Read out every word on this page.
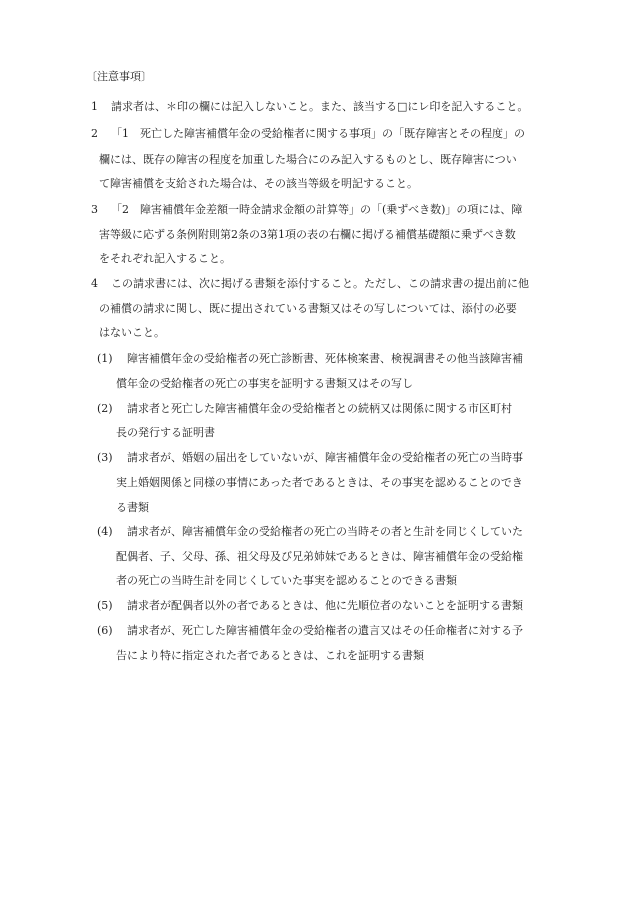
〔注意事項〕

1 請求者は、＊印の欄には記入しないこと。また、該当する□にレ印を記入すること。

2 「1　死亡した障害補償年金の受給権者に関する事項」の「既存障害とその程度」の

欄には、既存の障害の程度を加重した場合にのみ記入するものとし、既存障害につい

て障害補償を支給された場合は、その該当等級を明記すること。

3 「2　障害補償年金差額一時金請求金額の計算等」の「(乗ずべき数)」の項には、障

害等級に応ずる条例附則第2条の3第1項の表の右欄に掲げる補償基礎額に乗ずべき数

をそれぞれ記入すること。

4 この請求書には、次に掲げる書類を添付すること。ただし、この請求書の提出前に他

の補償の請求に関し、既に提出されている書類又はその写しについては、添付の必要

はないこと。

(1) 障害補償年金の受給権者の死亡診断書、死体検案書、検視調書その他当該障害補

償年金の受給権者の死亡の事実を証明する書類又はその写し

(2) 請求者と死亡した障害補償年金の受給権者との続柄又は関係に関する市区町村

長の発行する証明書

(3) 請求者が、婚姻の届出をしていないが、障害補償年金の受給権者の死亡の当時事

実上婚姻関係と同様の事情にあった者であるときは、その事実を認めることのでき

る書類

(4) 請求者が、障害補償年金の受給権者の死亡の当時その者と生計を同じくしていた

配偶者、子、父母、孫、祖父母及び兄弟姉妹であるときは、障害補償年金の受給権

者の死亡の当時生計を同じくしていた事実を認めることのできる書類

(5) 請求者が配偶者以外の者であるときは、他に先順位者のないことを証明する書類

(6) 請求者が、死亡した障害補償年金の受給権者の遺言又はその任命権者に対する予

告により特に指定された者であるときは、これを証明する書類
